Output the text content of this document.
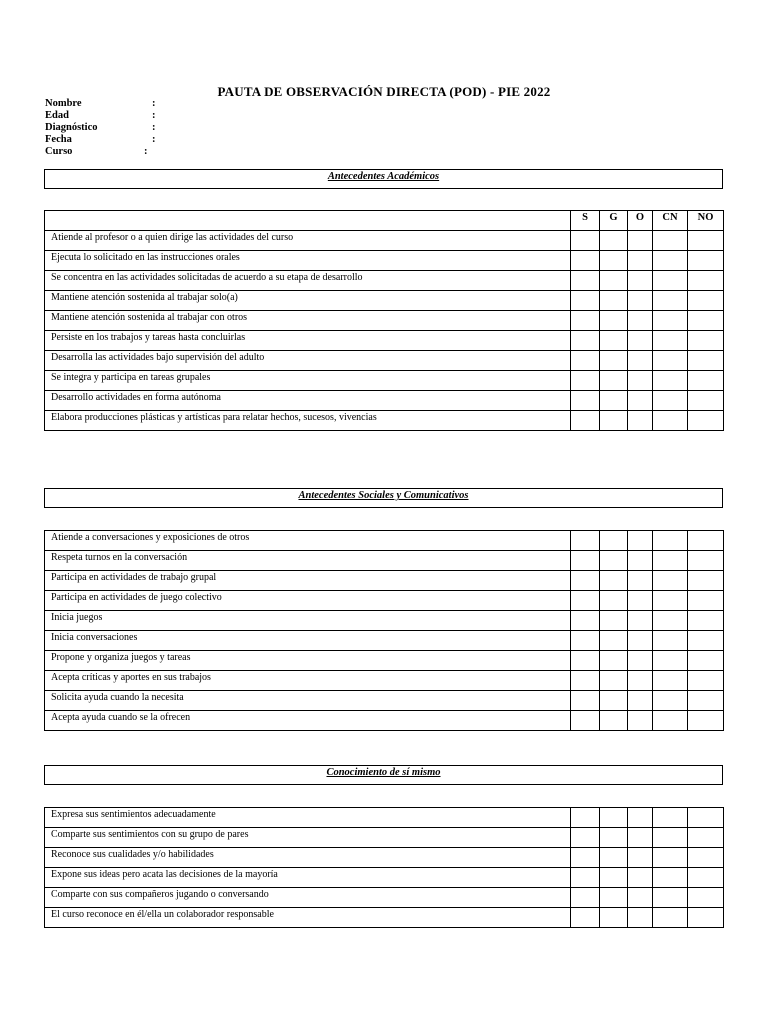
PAUTA DE OBSERVACIÓN DIRECTA (POD) - PIE 2022
Nombre	:
Edad	:
Diagnóstico	:
Fecha	:
Curso	:
Antecedentes Académicos
	S	G	O	CN	NO
Atiende al profesor o a quien dirige las actividades del curso					
Ejecuta lo solicitado en las instrucciones orales					
Se concentra en las actividades solicitadas de acuerdo a su etapa de desarrollo					
Mantiene atención sostenida al trabajar solo(a)					
Mantiene atención sostenida al trabajar con otros					
Persiste en los trabajos y tareas hasta concluirlas					
Desarrolla las actividades bajo supervisión del adulto					
Se integra y participa en tareas grupales					
Desarrollo actividades en forma autónoma					
Elabora producciones plásticas y artísticas para relatar hechos, sucesos, vivencias					
Antecedentes Sociales y Comunicativos
Atiende a conversaciones y exposiciones de otros					
Respeta turnos en la conversación					
Participa en actividades de trabajo grupal					
Participa en actividades de juego colectivo					
Inicia juegos					
Inicia conversaciones					
Propone y organiza juegos y tareas					
Acepta críticas y aportes en sus trabajos					
Solicita ayuda cuando la necesita					
Acepta ayuda cuando se la ofrecen					
Conocimiento de sí mismo
Expresa sus sentimientos adecuadamente					
Comparte sus sentimientos con su grupo de pares					
Reconoce sus cualidades y/o habilidades					
Expone sus ideas pero acata las decisiones de la mayoría					
Comparte con sus compañeros jugando o conversando					
El curso reconoce en él/ella un colaborador responsable					
